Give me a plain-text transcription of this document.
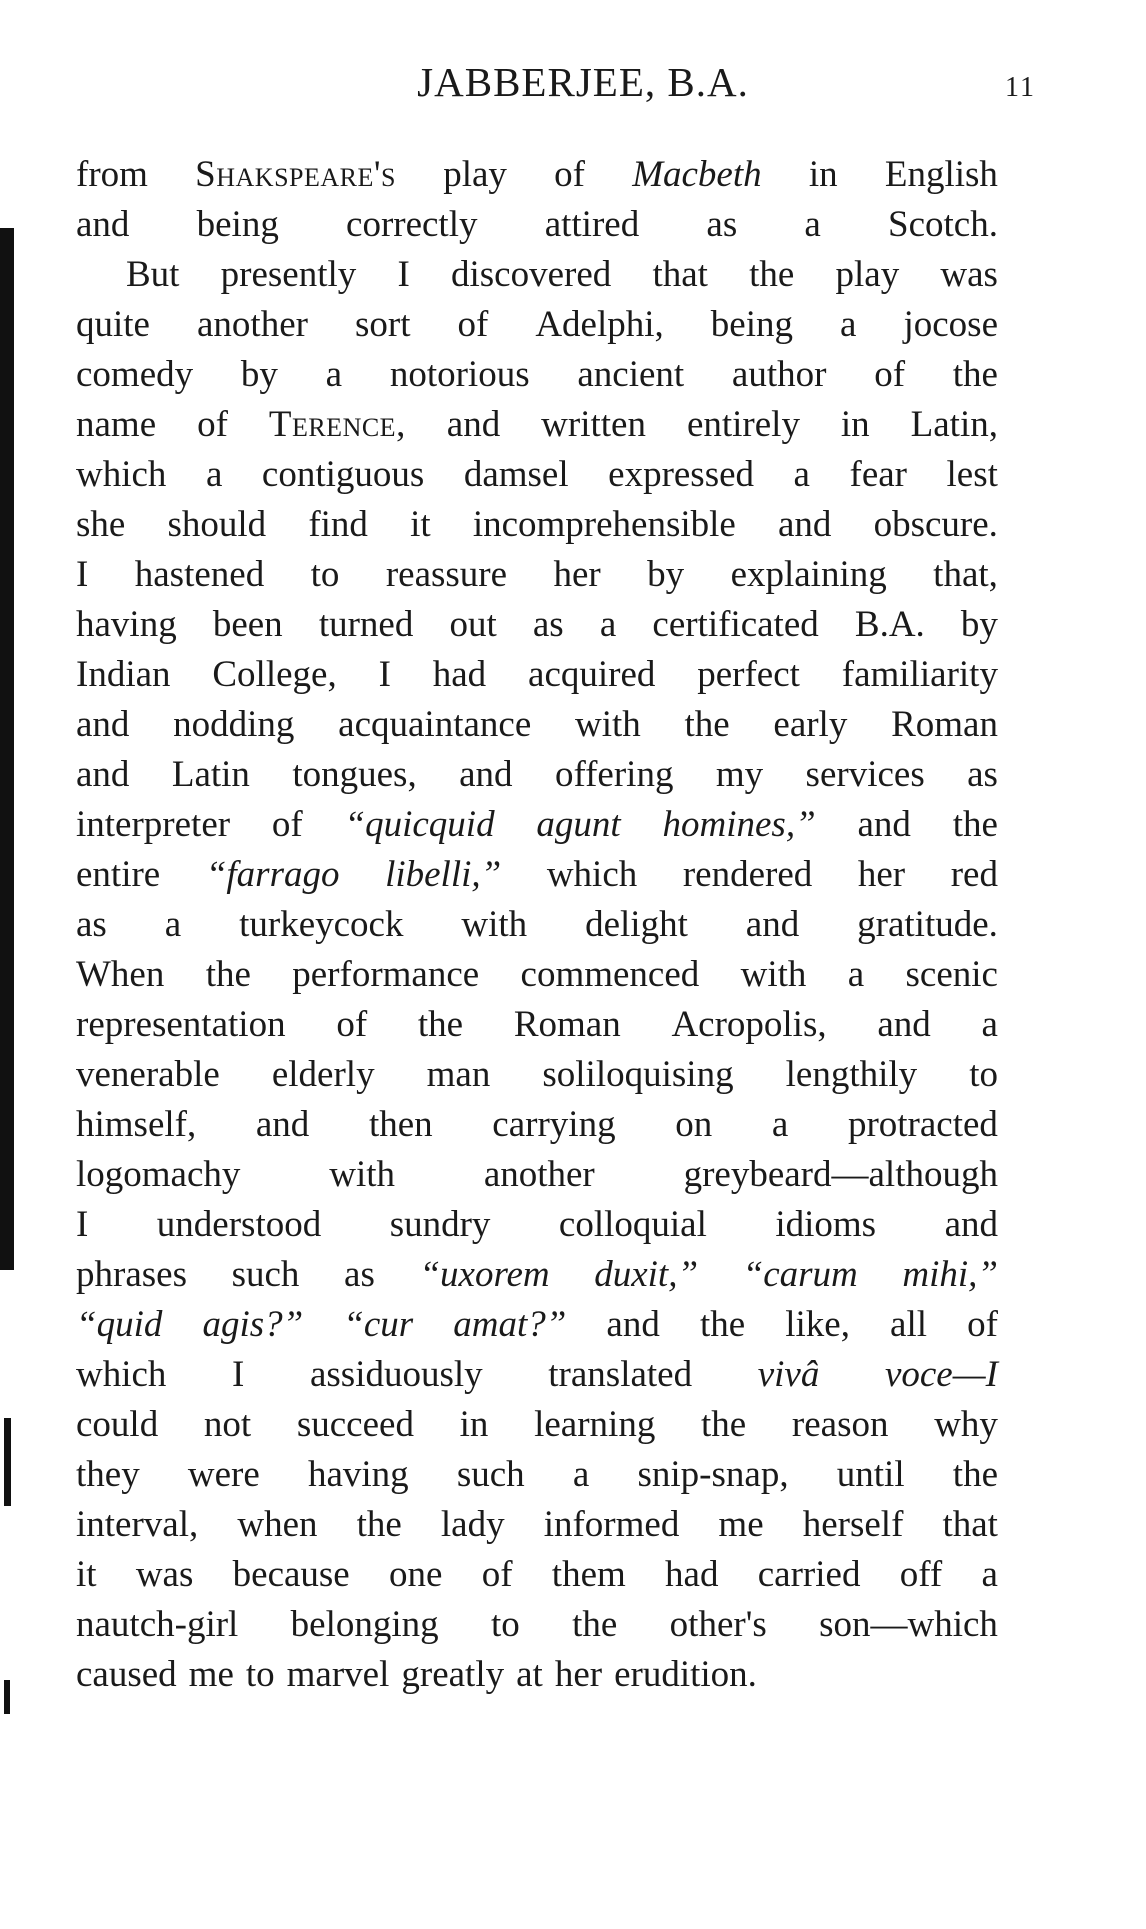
JABBERJEE, B.A.	11
from Shakspeare's play of Macbeth in English
and being correctly attired as a Scotch.
But presently I discovered that the play was
quite another sort of Adelphi, being a jocose
comedy by a notorious ancient author of the
name of Terence, and written entirely in Latin,
which a contiguous damsel expressed a fear lest
she should find it incomprehensible and obscure.
I hastened to reassure her by explaining that,
having been turned out as a certificated B.A. by
Indian College, I had acquired perfect familiarity
and nodding acquaintance with the early Roman
and Latin tongues, and offering my services as
interpreter of “quicquid agunt homines,” and the
entire “farrago libelli,” which rendered her red
as a turkeycock with delight and gratitude.
When the performance commenced with a scenic
representation of the Roman Acropolis, and a
venerable elderly man soliloquising lengthily to
himself, and then carrying on a protracted
logomachy with another greybeard—although
I understood sundry colloquial idioms and
phrases such as “uxorem duxit,” “carum mihi,”
“quid agis?” “cur amat?” and the like, all of
which I assiduously translated vivâ voce—I
could not succeed in learning the reason why
they were having such a snip-snap, until the
interval, when the lady informed me herself that
it was because one of them had carried off a
nautch-girl belonging to the other's son—which
caused me to marvel greatly at her erudition.
